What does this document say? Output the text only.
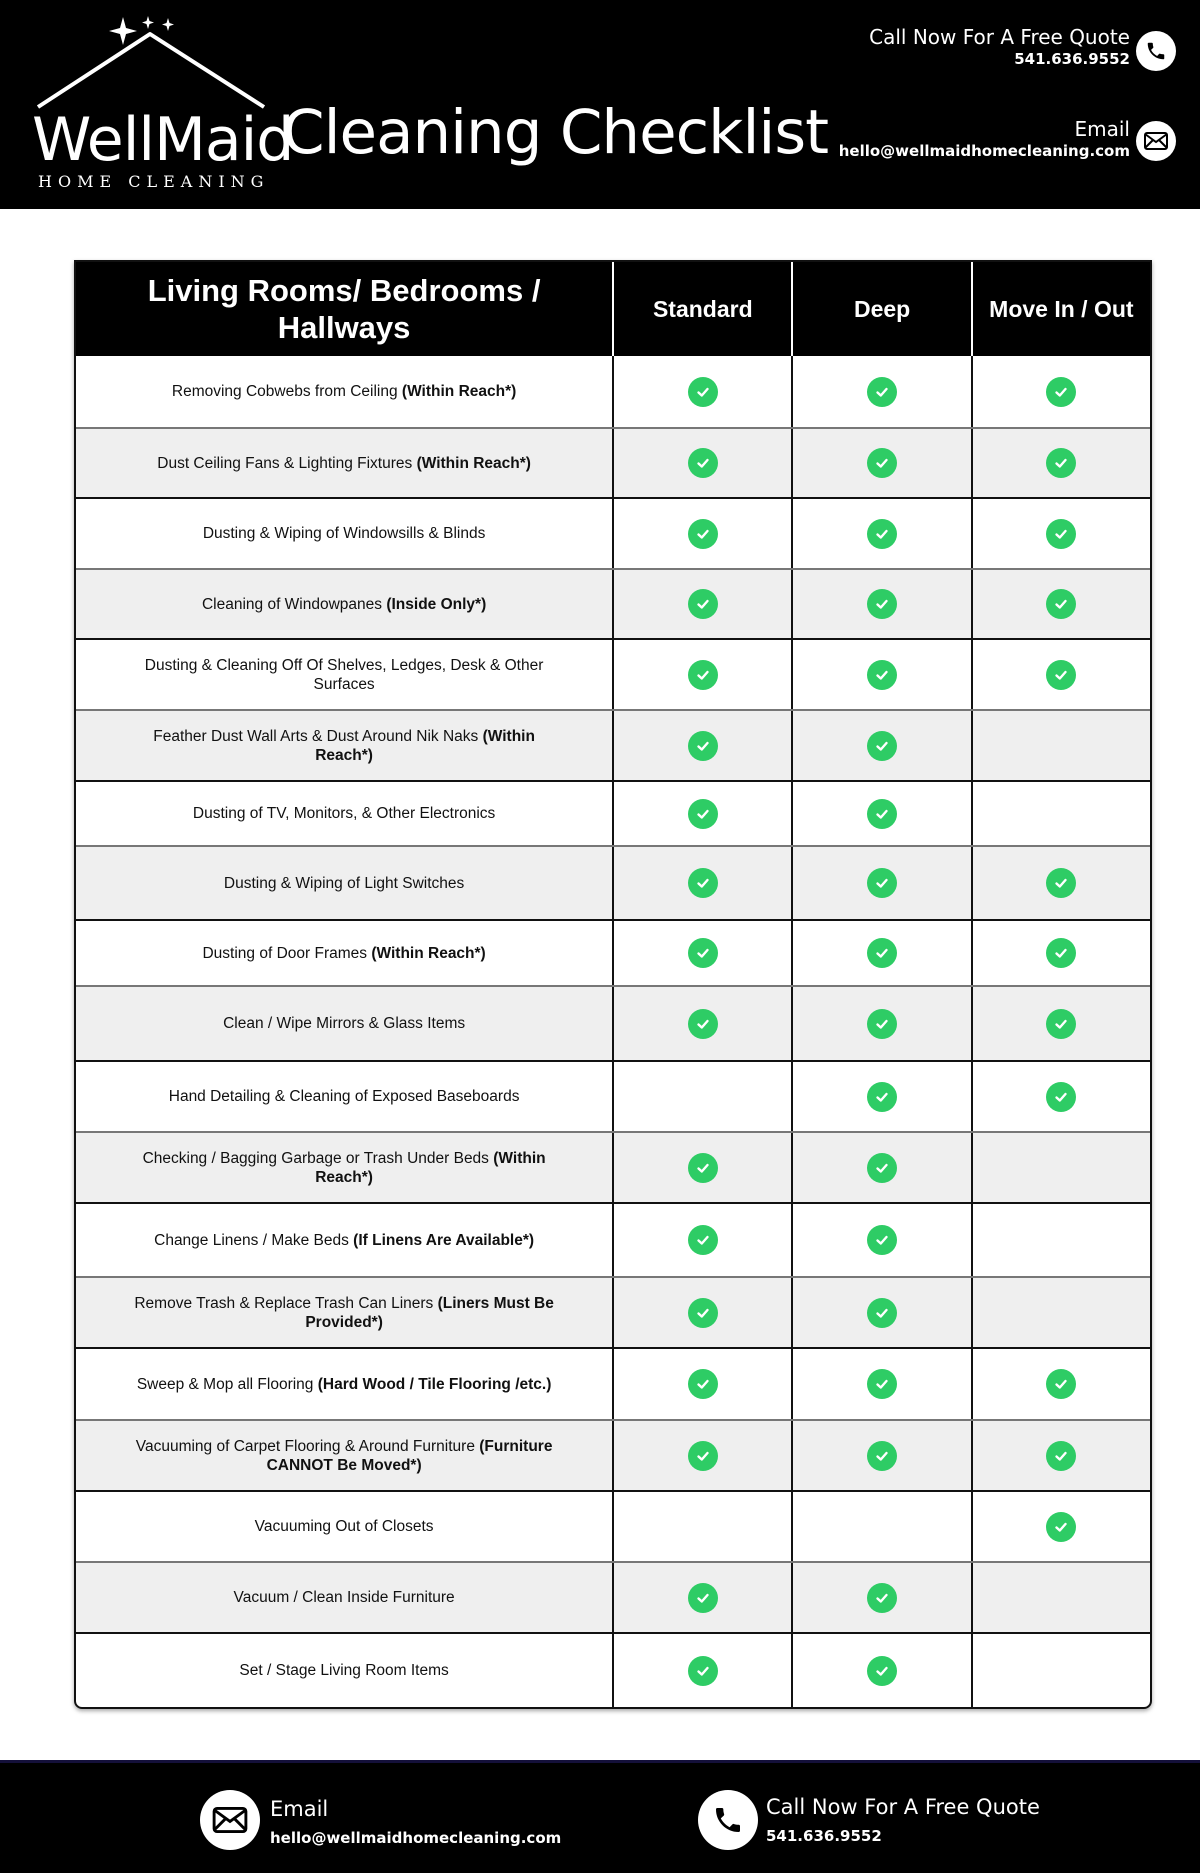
WellMaid
HOME CLEANING
Cleaning Checklist
Call Now For A Free Quote
541.636.9552
Email
hello@wellmaidhomecleaning.com
Living Rooms/ Bedrooms / Hallways
Standard	Deep	Move In / Out
Removing Cobwebs from Ceiling (Within Reach*)
Dust Ceiling Fans & Lighting Fixtures (Within Reach*)
Dusting & Wiping of Windowsills & Blinds
Cleaning of Windowpanes (Inside Only*)
Dusting & Cleaning Off Of Shelves, Ledges, Desk & Other Surfaces
Feather Dust Wall Arts & Dust Around Nik Naks (Within Reach*)
Dusting of TV, Monitors, & Other Electronics
Dusting & Wiping of Light Switches
Dusting of Door Frames (Within Reach*)
Clean / Wipe Mirrors & Glass Items
Hand Detailing & Cleaning of Exposed Baseboards
Checking / Bagging Garbage or Trash Under Beds (Within Reach*)
Change Linens / Make Beds (If Linens Are Available*)
Remove Trash & Replace Trash Can Liners (Liners Must Be Provided*)
Sweep & Mop all Flooring (Hard Wood / Tile Flooring /etc.)
Vacuuming of Carpet Flooring & Around Furniture (Furniture CANNOT Be Moved*)
Vacuuming Out of Closets
Vacuum / Clean Inside Furniture
Set / Stage Living Room Items
Email
hello@wellmaidhomecleaning.com
Call Now For A Free Quote
541.636.9552
